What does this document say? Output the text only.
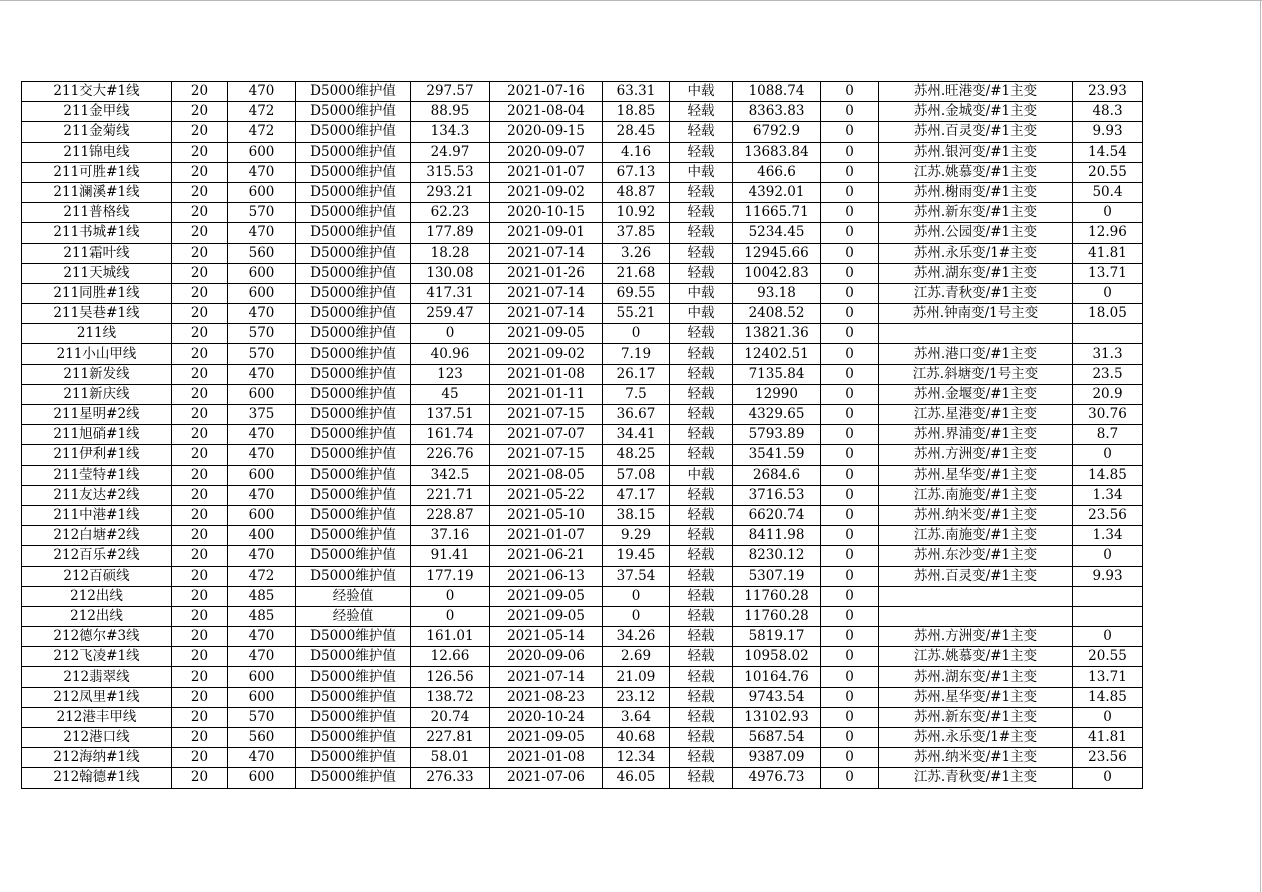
211交大#1线	20	470	D5000维护值	297.57	2021-07-16	63.31	中载	1088.74	0	苏州.旺港变/#1主变	23.93
211金甲线	20	472	D5000维护值	88.95	2021-08-04	18.85	轻载	8363.83	0	苏州.金城变/#1主变	48.3
211金菊线	20	472	D5000维护值	134.3	2020-09-15	28.45	轻载	6792.9	0	苏州.百灵变/#1主变	9.93
211锦电线	20	600	D5000维护值	24.97	2020-09-07	4.16	轻载	13683.84	0	苏州.银河变/#1主变	14.54
211可胜#1线	20	470	D5000维护值	315.53	2021-01-07	67.13	中载	466.6	0	江苏.姚慕变/#1主变	20.55
211澜溪#1线	20	600	D5000维护值	293.21	2021-09-02	48.87	轻载	4392.01	0	苏州.榭雨变/#1主变	50.4
211普格线	20	570	D5000维护值	62.23	2020-10-15	10.92	轻载	11665.71	0	苏州.新东变/#1主变	0
211书城#1线	20	470	D5000维护值	177.89	2021-09-01	37.85	轻载	5234.45	0	苏州.公园变/#1主变	12.96
211霜叶线	20	560	D5000维护值	18.28	2021-07-14	3.26	轻载	12945.66	0	苏州.永乐变/1#主变	41.81
211天城线	20	600	D5000维护值	130.08	2021-01-26	21.68	轻载	10042.83	0	苏州.湖东变/#1主变	13.71
211同胜#1线	20	600	D5000维护值	417.31	2021-07-14	69.55	中载	93.18	0	江苏.青秋变/#1主变	0
211吴巷#1线	20	470	D5000维护值	259.47	2021-07-14	55.21	中载	2408.52	0	苏州.钟南变/1号主变	18.05
211线	20	570	D5000维护值	0	2021-09-05	0	轻载	13821.36	0		
211小山甲线	20	570	D5000维护值	40.96	2021-09-02	7.19	轻载	12402.51	0	苏州.港口变/#1主变	31.3
211新发线	20	470	D5000维护值	123	2021-01-08	26.17	轻载	7135.84	0	江苏.斜塘变/1号主变	23.5
211新庆线	20	600	D5000维护值	45	2021-01-11	7.5	轻载	12990	0	苏州.金堰变/#1主变	20.9
211星明#2线	20	375	D5000维护值	137.51	2021-07-15	36.67	轻载	4329.65	0	江苏.星港变/#1主变	30.76
211旭硝#1线	20	470	D5000维护值	161.74	2021-07-07	34.41	轻载	5793.89	0	苏州.界浦变/#1主变	8.7
211伊利#1线	20	470	D5000维护值	226.76	2021-07-15	48.25	轻载	3541.59	0	苏州.方洲变/#1主变	0
211莹特#1线	20	600	D5000维护值	342.5	2021-08-05	57.08	中载	2684.6	0	苏州.星华变/#1主变	14.85
211友达#2线	20	470	D5000维护值	221.71	2021-05-22	47.17	轻载	3716.53	0	江苏.南施变/#1主变	1.34
211中港#1线	20	600	D5000维护值	228.87	2021-05-10	38.15	轻载	6620.74	0	苏州.纳米变/#1主变	23.56
212白塘#2线	20	400	D5000维护值	37.16	2021-01-07	9.29	轻载	8411.98	0	江苏.南施变/#1主变	1.34
212百乐#2线	20	470	D5000维护值	91.41	2021-06-21	19.45	轻载	8230.12	0	苏州.东沙变/#1主变	0
212百硕线	20	472	D5000维护值	177.19	2021-06-13	37.54	轻载	5307.19	0	苏州.百灵变/#1主变	9.93
212出线	20	485	经验值	0	2021-09-05	0	轻载	11760.28	0		
212出线	20	485	经验值	0	2021-09-05	0	轻载	11760.28	0		
212德尔#3线	20	470	D5000维护值	161.01	2021-05-14	34.26	轻载	5819.17	0	苏州.方洲变/#1主变	0
212飞凌#1线	20	470	D5000维护值	12.66	2020-09-06	2.69	轻载	10958.02	0	江苏.姚慕变/#1主变	20.55
212翡翠线	20	600	D5000维护值	126.56	2021-07-14	21.09	轻载	10164.76	0	苏州.湖东变/#1主变	13.71
212凤里#1线	20	600	D5000维护值	138.72	2021-08-23	23.12	轻载	9743.54	0	苏州.星华变/#1主变	14.85
212港丰甲线	20	570	D5000维护值	20.74	2020-10-24	3.64	轻载	13102.93	0	苏州.新东变/#1主变	0
212港口线	20	560	D5000维护值	227.81	2021-09-05	40.68	轻载	5687.54	0	苏州.永乐变/1#主变	41.81
212海纳#1线	20	470	D5000维护值	58.01	2021-01-08	12.34	轻载	9387.09	0	苏州.纳米变/#1主变	23.56
212翰德#1线	20	600	D5000维护值	276.33	2021-07-06	46.05	轻载	4976.73	0	江苏.青秋变/#1主变	0
